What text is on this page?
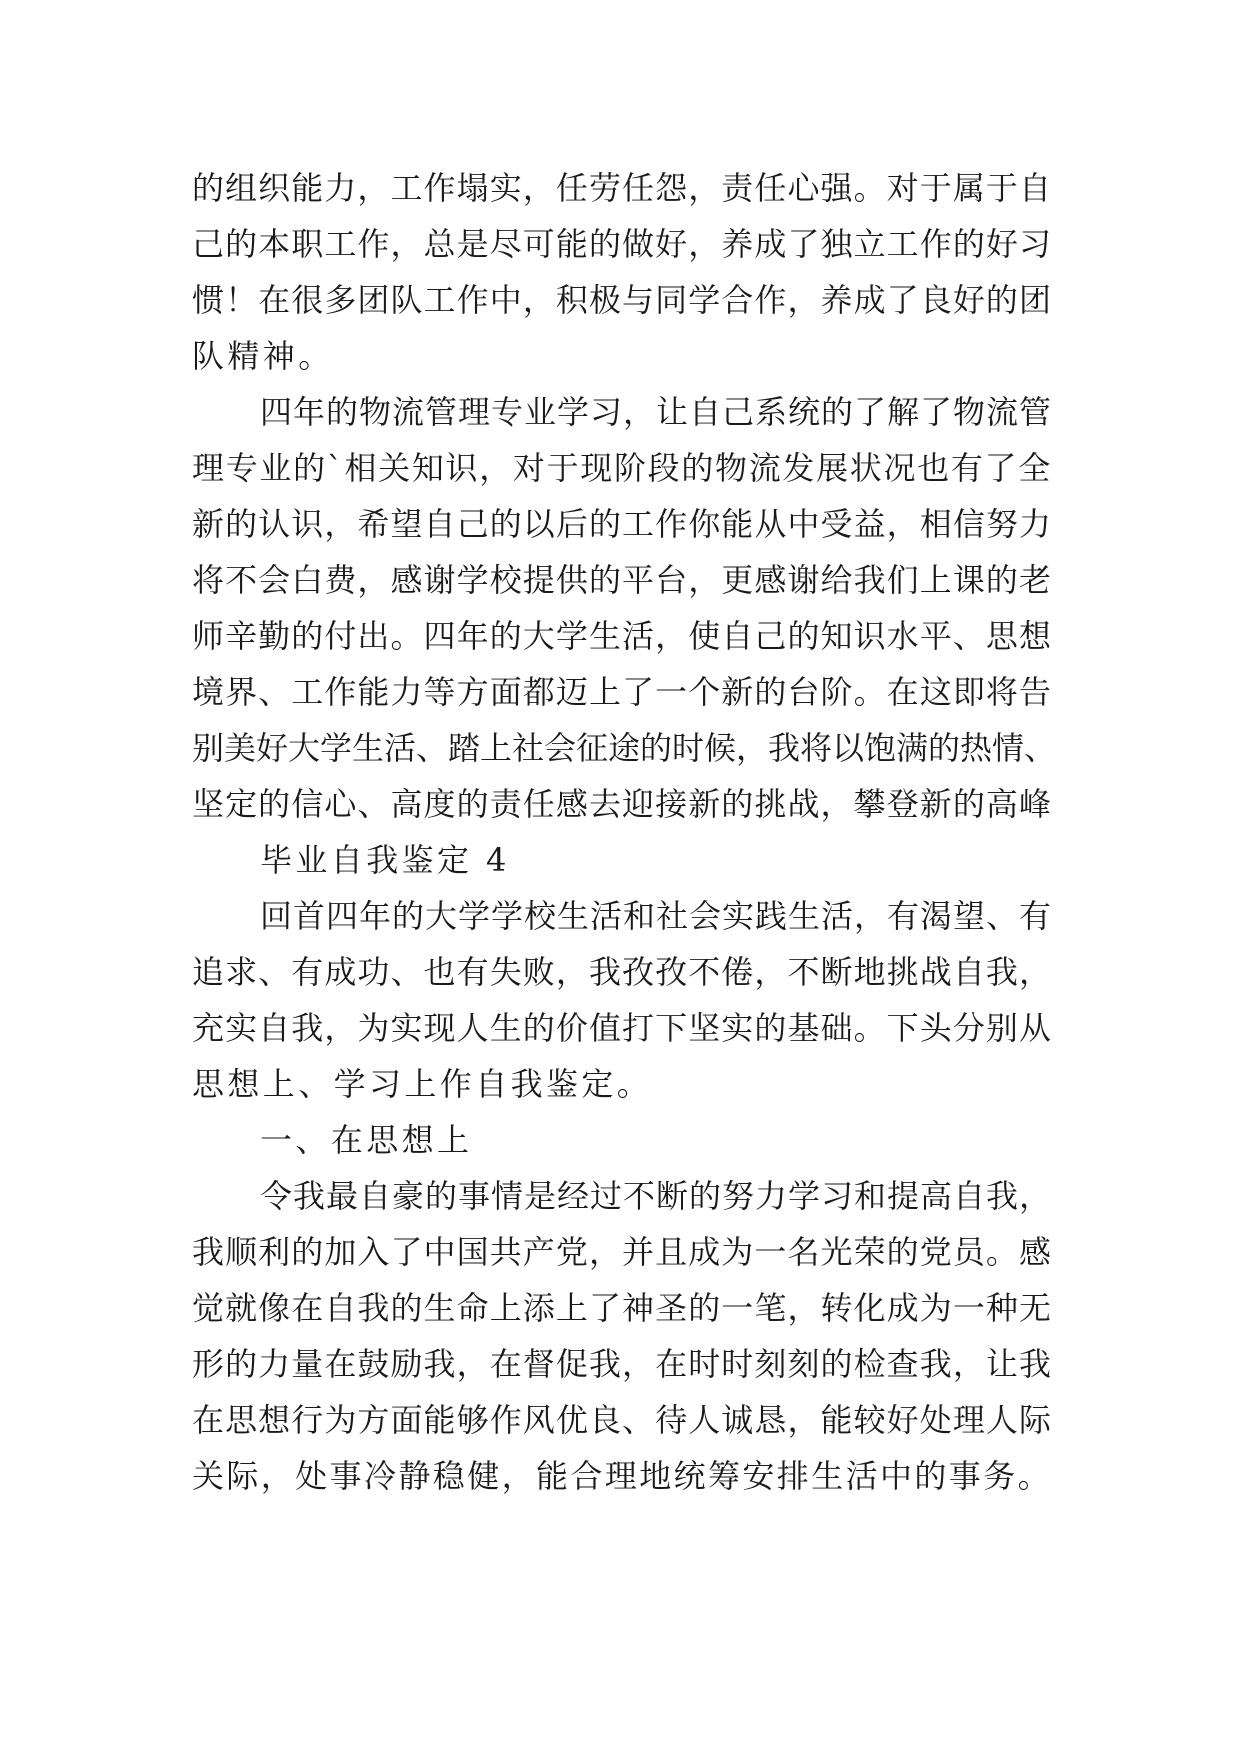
的组织能力，工作塌实，任劳任怨，责任心强。对于属于自
己的本职工作，总是尽可能的做好，养成了独立工作的好习
惯！在很多团队工作中，积极与同学合作，养成了良好的团
队精神。

四年的物流管理专业学习，让自己系统的了解了物流管
理专业的`相关知识，对于现阶段的物流发展状况也有了全
新的认识，希望自己的以后的工作你能从中受益，相信努力
将不会白费，感谢学校提供的平台，更感谢给我们上课的老
师辛勤的付出。四年的大学生活，使自己的知识水平、思想
境界、工作能力等方面都迈上了一个新的台阶。在这即将告
别美好大学生活、踏上社会征途的时候，我将以饱满的热情、
坚定的信心、高度的责任感去迎接新的挑战，攀登新的高峰

毕业自我鉴定 4

回首四年的大学学校生活和社会实践生活，有渴望、有
追求、有成功、也有失败，我孜孜不倦，不断地挑战自我，
充实自我，为实现人生的价值打下坚实的基础。下头分别从
思想上、学习上作自我鉴定。

一、在思想上

令我最自豪的事情是经过不断的努力学习和提高自我，
我顺利的加入了中国共产党，并且成为一名光荣的党员。感
觉就像在自我的生命上添上了神圣的一笔，转化成为一种无
形的力量在鼓励我，在督促我，在时时刻刻的检查我，让我
在思想行为方面能够作风优良、待人诚恳，能较好处理人际
关际，处事冷静稳健，能合理地统筹安排生活中的事务。
